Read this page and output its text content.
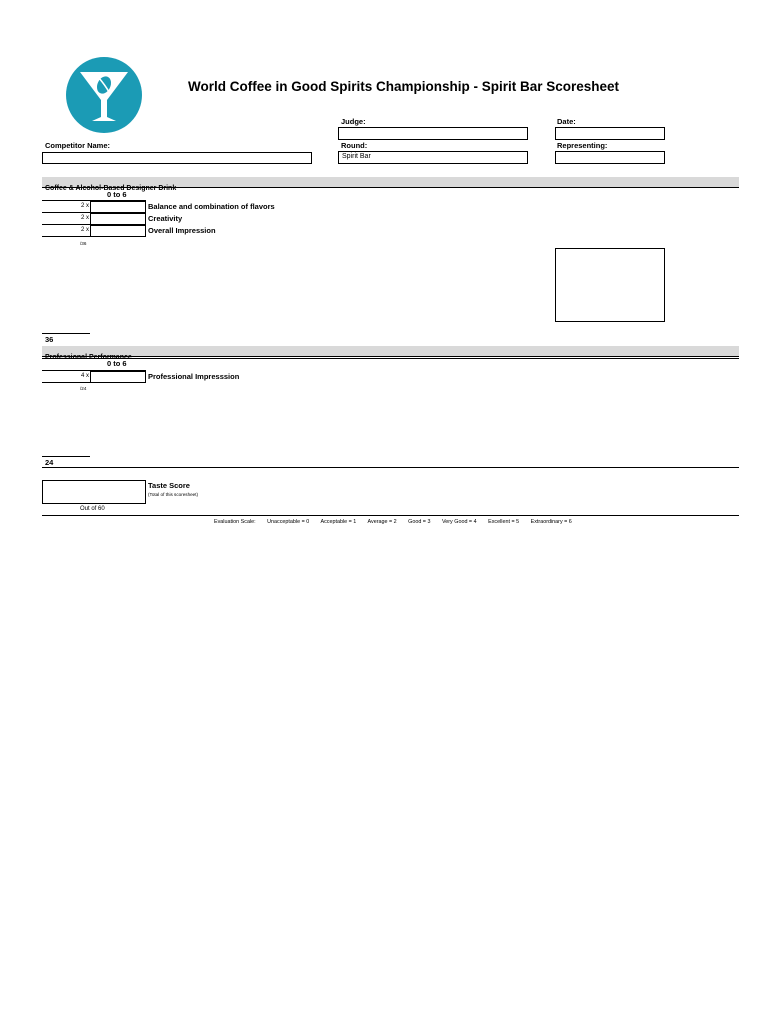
World Coffee in Good Spirits Championship - Spirit Bar Scoresheet
Judge:	Date:
Competitor Name:	Round:
Spirit Bar
Representing:
Coffee & Alcohol-Based Designer Drink
0 to 6
2 x	Balance and combination of flavors
2 x	Creativity
2 x	Overall Impression
/36
36
Professional Performance
0 to 6
4 x	Professional Impresssion
/24
24
Taste Score
(Total of this scoresheet)
Out of 60
Evaluation Scale: Unacceptable = 0 Acceptable = 1 Average = 2 Good = 3 Very Good = 4 Excellent = 5 Extraordinary = 6
